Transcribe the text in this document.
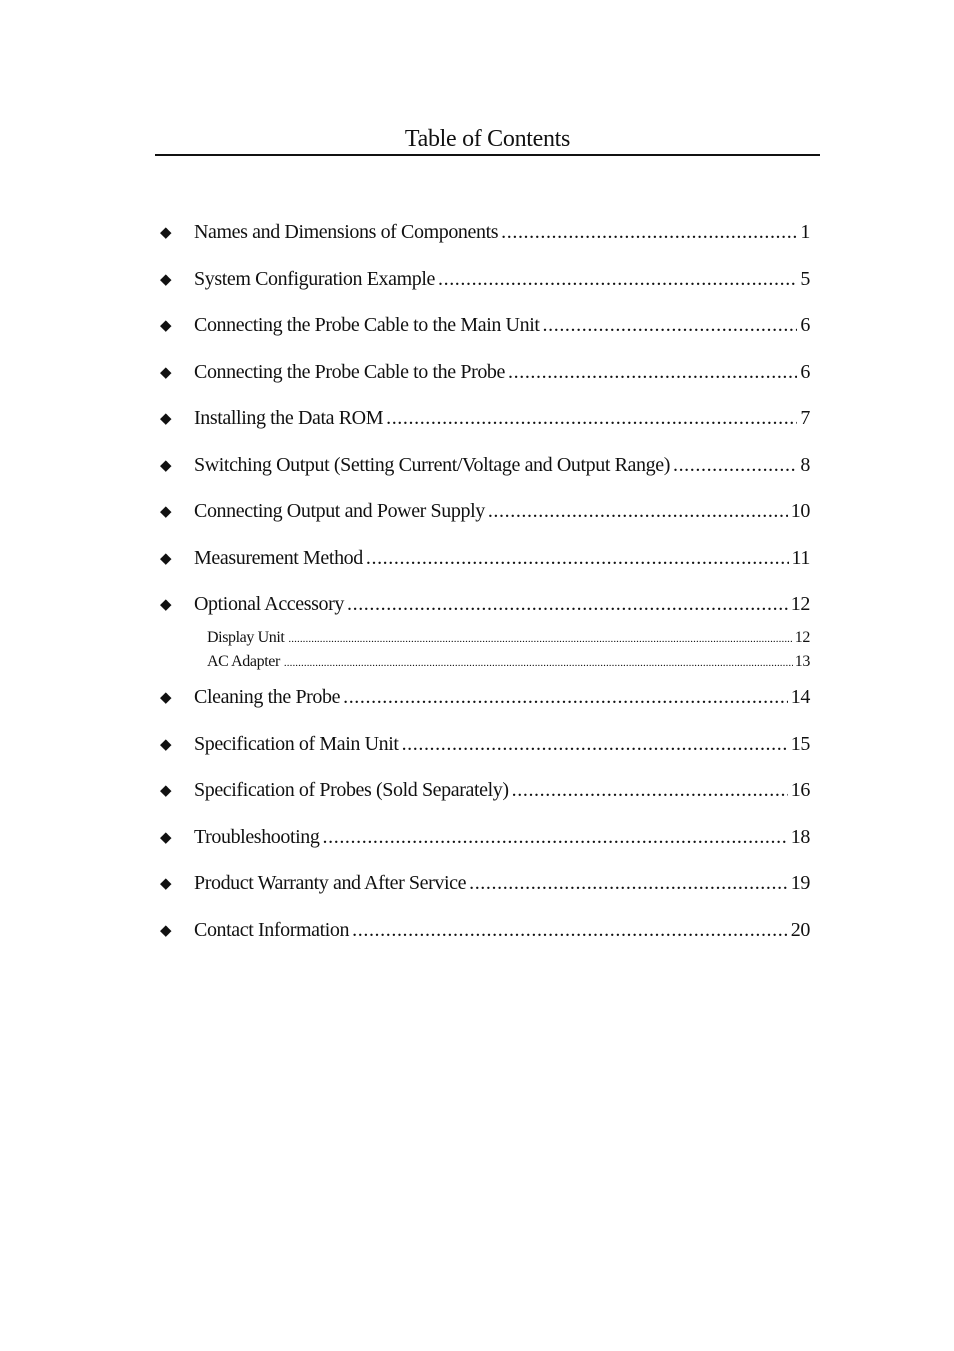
Table of Contents
◆	Names and Dimensions of Components .....	1
◆	System Configuration Example .....	5
◆	Connecting the Probe Cable to the Main Unit .....	6
◆	Connecting the Probe Cable to the Probe .....	6
◆	Installing the Data ROM .....	7
◆	Switching Output (Setting Current/Voltage and Output Range) .....	8
◆	Connecting Output and Power Supply .....	10
◆	Measurement Method .....	11
◆	Optional Accessory .....	12
Display Unit .....	12
AC Adapter .....	13
◆	Cleaning the Probe .....	14
◆	Specification of Main Unit .....	15
◆	Specification of Probes (Sold Separately) .....	16
◆	Troubleshooting .....	18
◆	Product Warranty and After Service .....	19
◆	Contact Information .....	20
